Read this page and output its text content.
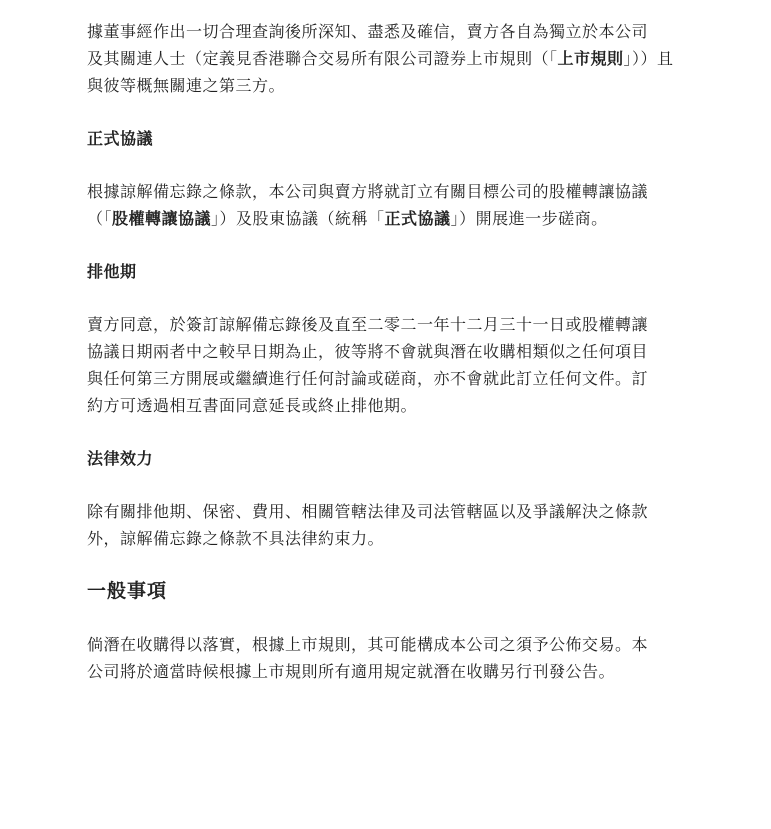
據董事經作出一切合理查詢後所深知、盡悉及確信，賣方各自為獨立於本公司
及其關連人士（定義見香港聯合交易所有限公司證券上市規則（「上市規則」））且
與彼等概無關連之第三方。

正式協議

根據諒解備忘錄之條款，本公司與賣方將就訂立有關目標公司的股權轉讓協議
（「股權轉讓協議」）及股東協議（統稱「正式協議」）開展進一步磋商。

排他期

賣方同意，於簽訂諒解備忘錄後及直至二零二一年十二月三十一日或股權轉讓
協議日期兩者中之較早日期為止，彼等將不會就與潛在收購相類似之任何項目
與任何第三方開展或繼續進行任何討論或磋商，亦不會就此訂立任何文件。訂
約方可透過相互書面同意延長或終止排他期。

法律效力

除有關排他期、保密、費用、相關管轄法律及司法管轄區以及爭議解決之條款
外，諒解備忘錄之條款不具法律約束力。

一般事項

倘潛在收購得以落實，根據上市規則，其可能構成本公司之須予公佈交易。本
公司將於適當時候根據上市規則所有適用規定就潛在收購另行刊發公告。
